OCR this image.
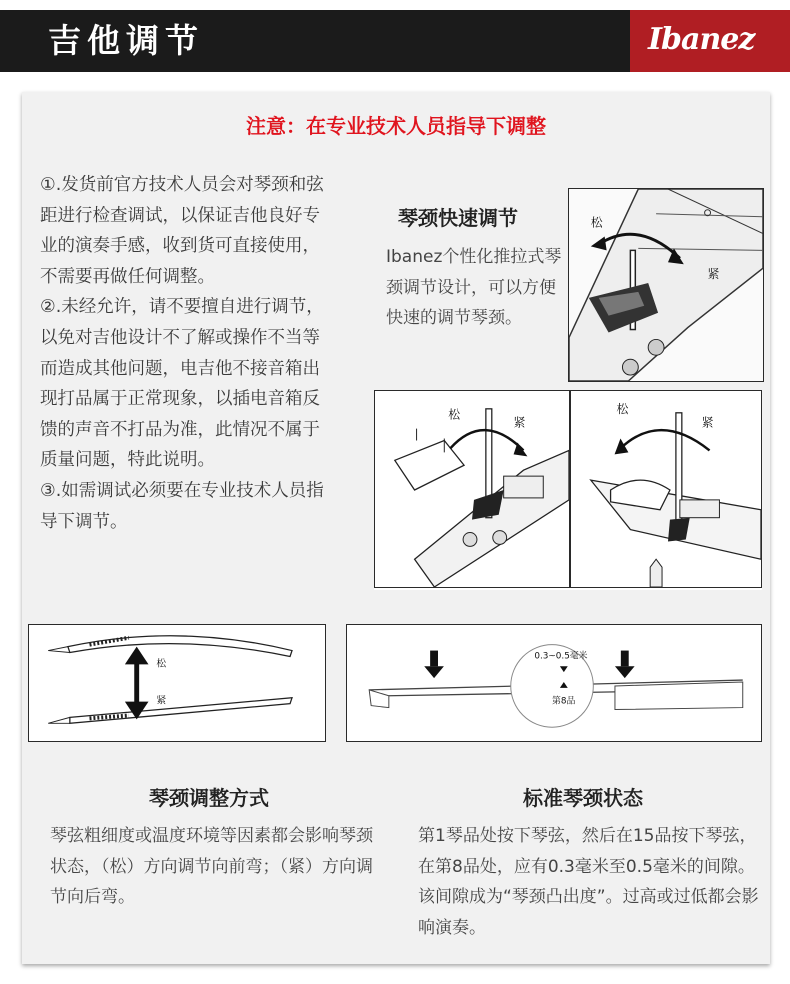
吉他调节	Ibanez
注意：在专业技术人员指导下调整

①.发货前官方技术人员会对琴颈和弦距进行检查调试，以保证吉他良好专业的演奏手感，收到货可直接使用，不需要再做任何调整。

②.未经允许，请不要擅自进行调节，以免对吉他设计不了解或操作不当等而造成其他问题，电吉他不接音箱出现打品属于正常现象，以插电音箱反馈的声音不打品为准，此情况不属于质量问题，特此说明。

③.如需调试必须要在专业技术人员指导下调节。

琴颈快速调节
Ibanez个性化推拉式琴颈调节设计，可以方便快速的调节琴颈。
松
紧
松
紧
松
紧
松
紧
0.3~0.5毫米
第8品
琴颈调整方式
琴弦粗细度或温度环境等因素都会影响琴颈状态，（松）方向调节向前弯；（紧）方向调节向后弯。
标准琴颈状态
第1琴品处按下琴弦，然后在15品按下琴弦，在第8品处，应有0.3毫米至0.5毫米的间隙。该间隙成为“琴颈凸出度”。过高或过低都会影响演奏。
